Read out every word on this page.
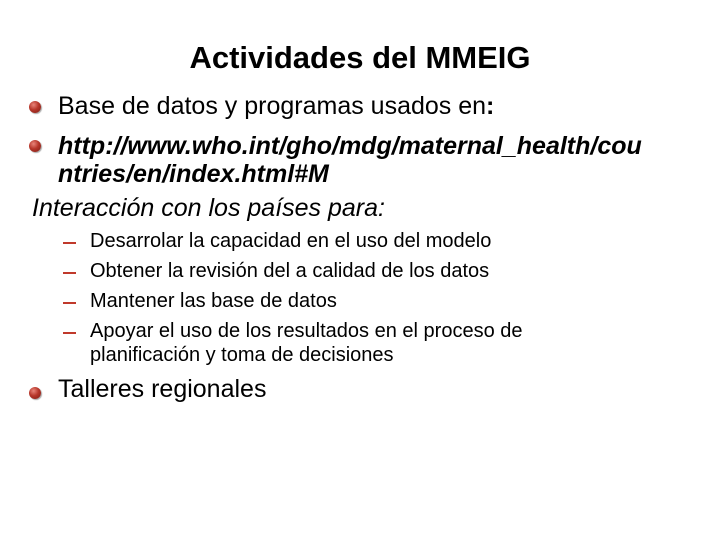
Actividades del MMEIG
Base de datos y programas usados en:
http://www.who.int/gho/mdg/maternal_health/cou
ntries/en/index.html#M
Interacción con los países para:
Desarrolar la capacidad en el uso del modelo
Obtener la revisión del a calidad de los datos
Mantener las base de datos
Apoyar el uso de los resultados en el proceso de
planificación y toma de decisiones
Talleres regionales
